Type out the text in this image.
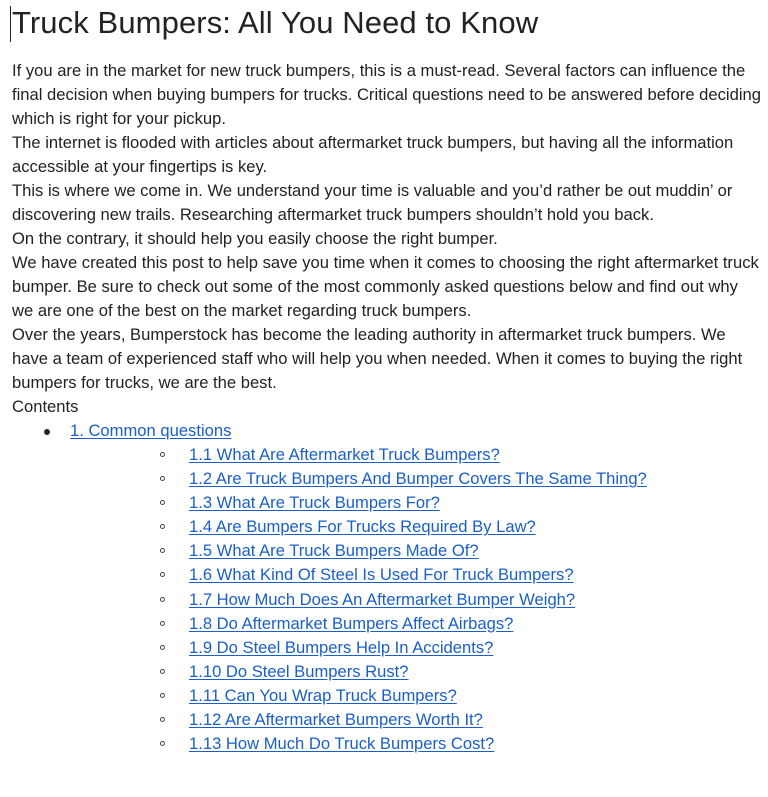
Truck Bumpers: All You Need to Know

If you are in the market for new truck bumpers, this is a must-read. Several factors can influence the final decision when buying bumpers for trucks. Critical questions need to be answered before deciding which is right for your pickup.

The internet is flooded with articles about aftermarket truck bumpers, but having all the information accessible at your fingertips is key.

This is where we come in. We understand your time is valuable and you’d rather be out muddin’ or discovering new trails. Researching aftermarket truck bumpers shouldn’t hold you back.

On the contrary, it should help you easily choose the right bumper.

We have created this post to help save you time when it comes to choosing the right aftermarket truck bumper. Be sure to check out some of the most commonly asked questions below and find out why we are one of the best on the market regarding truck bumpers.

Over the years, Bumperstock has become the leading authority in aftermarket truck bumpers. We have a team of experienced staff who will help you when needed. When it comes to buying the right bumpers for trucks, we are the best.

Contents

1. Common questions
1.1 What Are Aftermarket Truck Bumpers?
1.2 Are Truck Bumpers And Bumper Covers The Same Thing?
1.3 What Are Truck Bumpers For?
1.4 Are Bumpers For Trucks Required By Law?
1.5 What Are Truck Bumpers Made Of?
1.6 What Kind Of Steel Is Used For Truck Bumpers?
1.7 How Much Does An Aftermarket Bumper Weigh?
1.8 Do Aftermarket Bumpers Affect Airbags?
1.9 Do Steel Bumpers Help In Accidents?
1.10 Do Steel Bumpers Rust?
1.11 Can You Wrap Truck Bumpers?
1.12 Are Aftermarket Bumpers Worth It?
1.13 How Much Do Truck Bumpers Cost?
